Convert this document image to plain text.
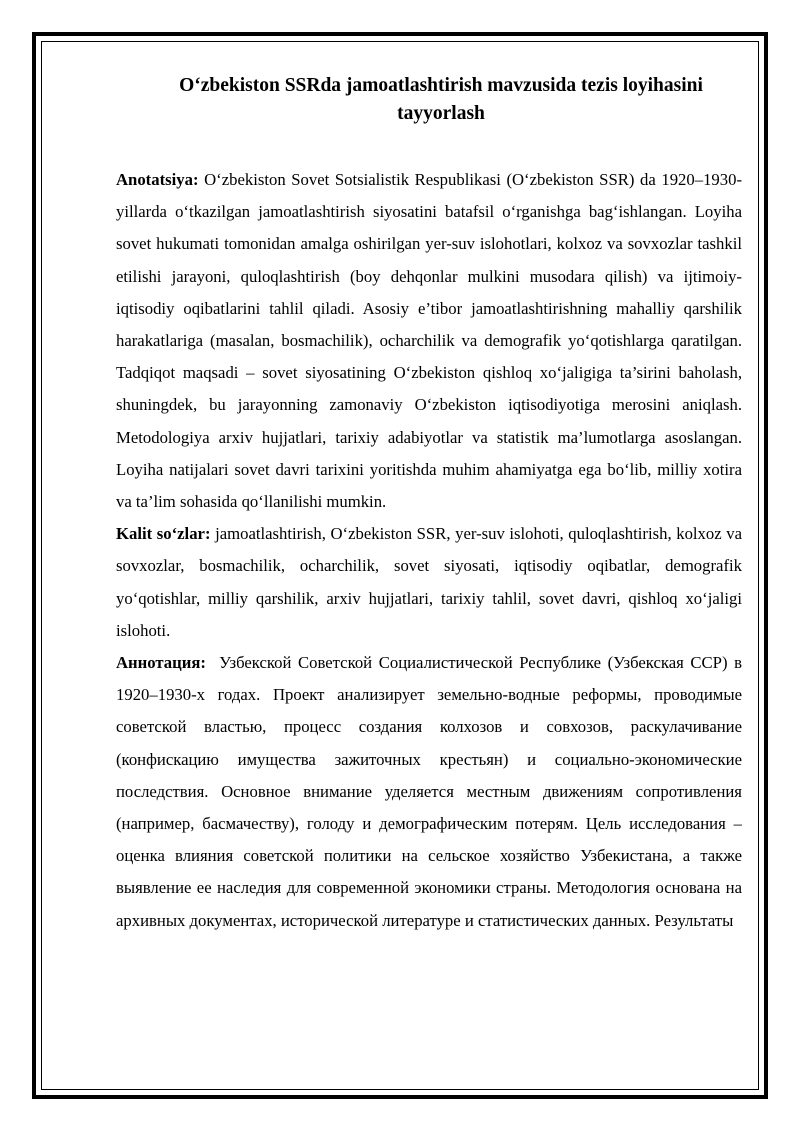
O‘zbekiston SSRda jamoatlashtirish mavzusida tezis loyihasini tayyorlash

Anotatsiya: O‘zbekiston Sovet Sotsialistik Respublikasi (O‘zbekiston SSR) da 1920–1930-yillarda o‘tkazilgan jamoatlashtirish siyosatini batafsil o‘rganishga bag‘ishlangan. Loyiha sovet hukumati tomonidan amalga oshirilgan yer-suv islohotlari, kolxoz va sovxozlar tashkil etilishi jarayoni, quloqlashtirish (boy dehqonlar mulkini musodara qilish) va ijtimoiy-iqtisodiy oqibatlarini tahlil qiladi. Asosiy e’tibor jamoatlashtirishning mahalliy qarshilik harakatlariga (masalan, bosmachilik), ocharchilik va demografik yo‘qotishlarga qaratilgan. Tadqiqot maqsadi – sovet siyosatining O‘zbekiston qishloq xo‘jaligiga ta’sirini baholash, shuningdek, bu jarayonning zamonaviy O‘zbekiston iqtisodiyotiga merosini aniqlash. Metodologiya arxiv hujjatlari, tarixiy adabiyotlar va statistik ma’lumotlarga asoslangan. Loyiha natijalari sovet davri tarixini yoritishda muhim ahamiyatga ega bo‘lib, milliy xotira va ta’lim sohasida qo‘llanilishi mumkin.

Kalit so‘zlar: jamoatlashtirish, O‘zbekiston SSR, yer-suv islohoti, quloqlashtirish, kolxoz va sovxozlar, bosmachilik, ocharchilik, sovet siyosati, iqtisodiy oqibatlar, demografik yo‘qotishlar, milliy qarshilik, arxiv hujjatlari, tarixiy tahlil, sovet davri, qishloq xo‘jaligi islohoti.

Аннотация: Узбекской Советской Социалистической Республике (Узбекская ССР) в 1920–1930-х годах. Проект анализирует земельно-водные реформы, проводимые советской властью, процесс создания колхозов и совхозов, раскулачивание (конфискацию имущества зажиточных крестьян) и социально-экономические последствия. Основное внимание уделяется местным движениям сопротивления (например, басмачеству), голоду и демографическим потерям. Цель исследования – оценка влияния советской политики на сельское хозяйство Узбекистана, а также выявление ее наследия для современной экономики страны. Методология основана на архивных документах, исторической литературе и статистических данных. Результаты
